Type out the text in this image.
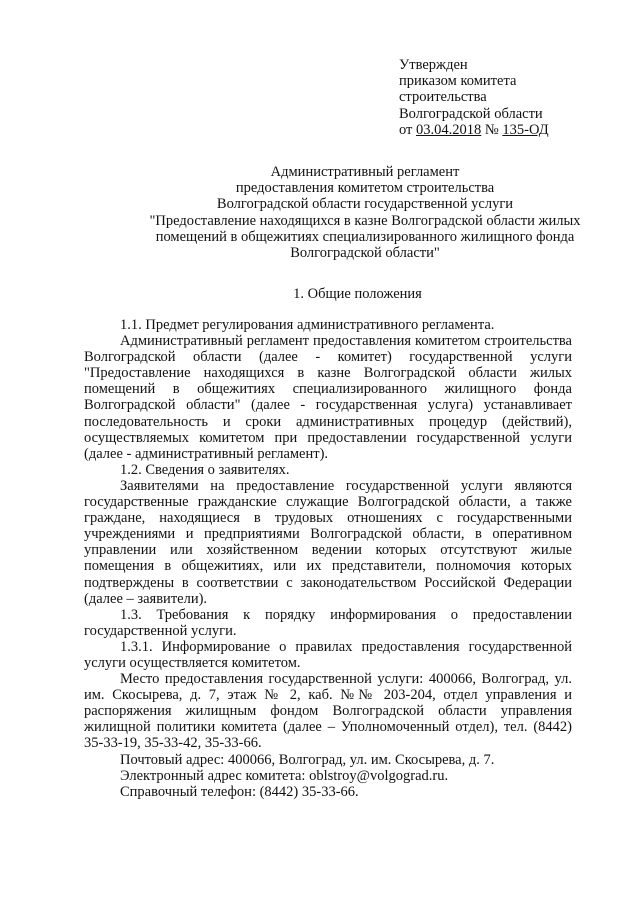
Утвержден
приказом комитета
строительства
Волгоградской области
от 03.04.2018 № 135-ОД
Административный регламент
предоставления комитетом строительства
Волгоградской области государственной услуги
"Предоставление находящихся в казне Волгоградской области жилых
помещений в общежитиях специализированного жилищного фонда
Волгоградской области"
1. Общие положения

1.1. Предмет регулирования административного регламента.

Административный регламент предоставления комитетом строительства Волгоградской области (далее - комитет) государственной услуги "Предоставление находящихся в казне Волгоградской области жилых помещений в общежитиях специализированного жилищного фонда Волгоградской области" (далее - государственная услуга) устанавливает последовательность и сроки административных процедур (действий), осуществляемых комитетом при предоставлении государственной услуги (далее - административный регламент).

1.2. Сведения о заявителях.

Заявителями на предоставление государственной услуги являются государственные гражданские служащие Волгоградской области, а также граждане, находящиеся в трудовых отношениях с государственными учреждениями и предприятиями Волгоградской области, в оперативном управлении или хозяйственном ведении которых отсутствуют жилые помещения в общежитиях, или их представители, полномочия которых подтверждены в соответствии с законодательством Российской Федерации (далее – заявители).

1.3. Требования к порядку информирования о предоставлении государственной услуги.

1.3.1. Информирование о правилах предоставления государственной услуги осуществляется комитетом.

Место предоставления государственной услуги: 400066, Волгоград, ул. им. Скосырева, д. 7, этаж № 2, каб. №№ 203-204, отдел управления и распоряжения жилищным фондом Волгоградской области управления жилищной политики комитета (далее – Уполномоченный отдел), тел. (8442) 35-33-19, 35-33-42, 35-33-66.

Почтовый адрес: 400066, Волгоград, ул. им. Скосырева, д. 7.

Электронный адрес комитета: oblstroy@volgograd.ru.

Справочный телефон: (8442) 35-33-66.
